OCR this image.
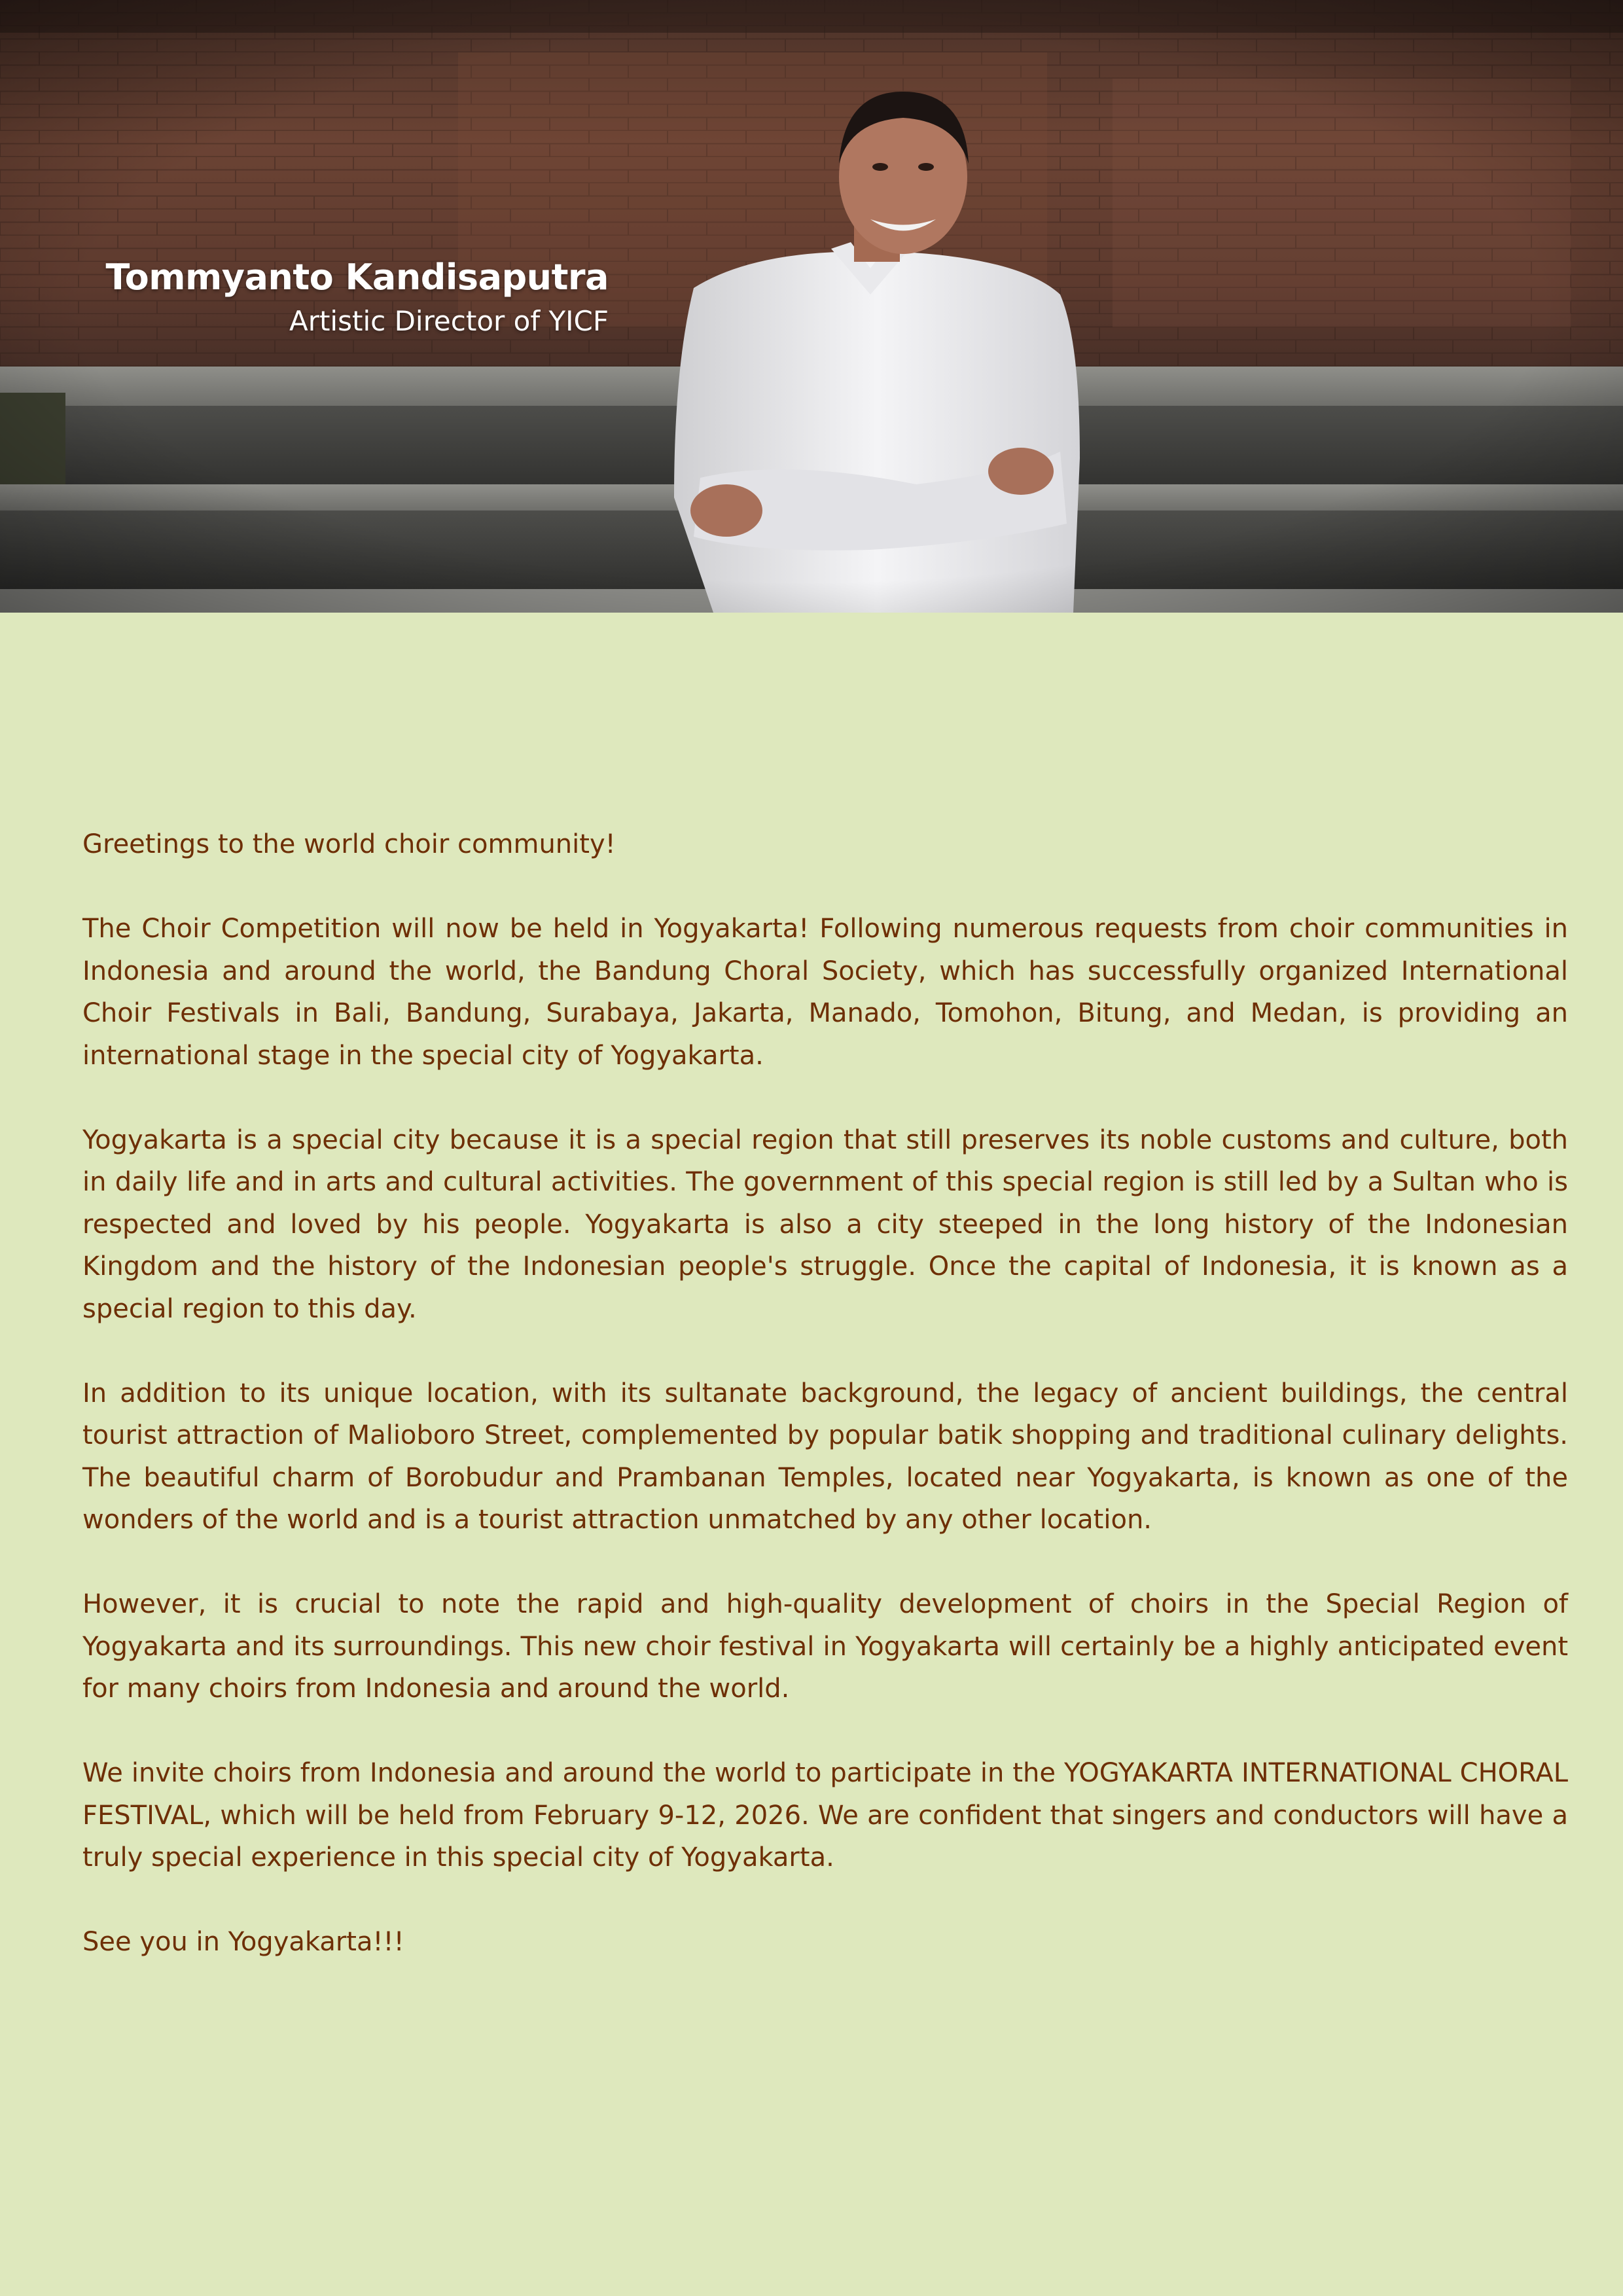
Tommyanto Kandisaputra
Artistic Director of YICF

Greetings to the world choir community!

The Choir Competition will now be held in Yogyakarta! Following numerous requests from choir communities in Indonesia and around the world, the Bandung Choral Society, which has successfully organized International Choir Festivals in Bali, Bandung, Surabaya, Jakarta, Manado, Tomohon, Bitung, and Medan, is providing an international stage in the special city of Yogyakarta.

Yogyakarta is a special city because it is a special region that still preserves its noble customs and culture, both in daily life and in arts and cultural activities. The government of this special region is still led by a Sultan who is respected and loved by his people. Yogyakarta is also a city steeped in the long history of the Indonesian Kingdom and the history of the Indonesian people's struggle. Once the capital of Indonesia, it is known as a special region to this day.

In addition to its unique location, with its sultanate background, the legacy of ancient buildings, the central tourist attraction of Malioboro Street, complemented by popular batik shopping and traditional culinary delights. The beautiful charm of Borobudur and Prambanan Temples, located near Yogyakarta, is known as one of the wonders of the world and is a tourist attraction unmatched by any other location.

However, it is crucial to note the rapid and high-quality development of choirs in the Special Region of Yogyakarta and its surroundings. This new choir festival in Yogyakarta will certainly be a highly anticipated event for many choirs from Indonesia and around the world.

We invite choirs from Indonesia and around the world to participate in the YOGYAKARTA INTERNATIONAL CHORAL FESTIVAL, which will be held from February 9-12, 2026. We are confident that singers and conductors will have a truly special experience in this special city of Yogyakarta.

See you in Yogyakarta!!!
